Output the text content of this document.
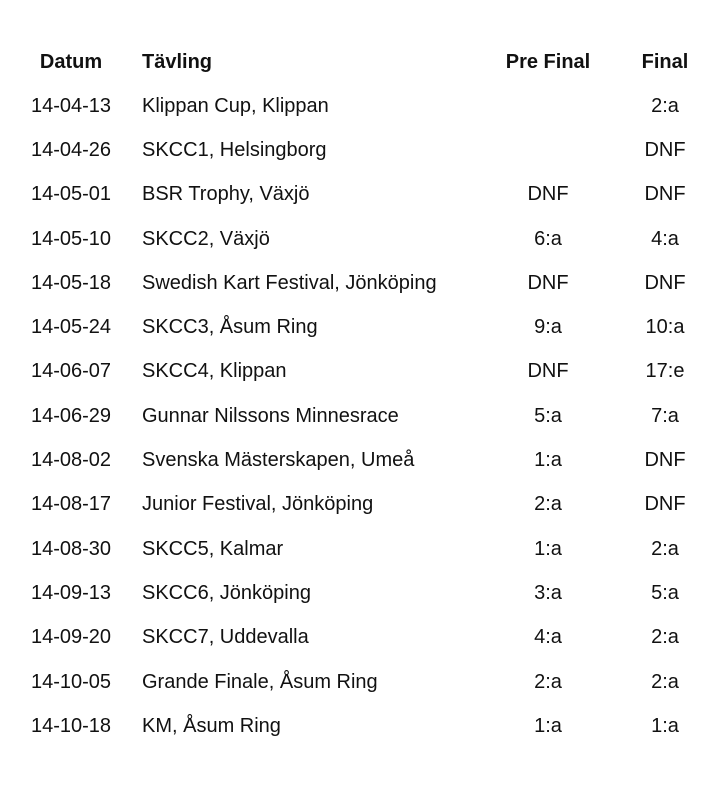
Datum	Tävling	Pre Final	Final
14-04-13	Klippan Cup, Klippan		2:a
14-04-26	SKCC1, Helsingborg		DNF
14-05-01	BSR Trophy, Växjö	DNF	DNF
14-05-10	SKCC2, Växjö	6:a	4:a
14-05-18	Swedish Kart Festival, Jönköping	DNF	DNF
14-05-24	SKCC3, Åsum Ring	9:a	10:a
14-06-07	SKCC4, Klippan	DNF	17:e
14-06-29	Gunnar Nilssons Minnesrace	5:a	7:a
14-08-02	Svenska Mästerskapen, Umeå	1:a	DNF
14-08-17	Junior Festival, Jönköping	2:a	DNF
14-08-30	SKCC5, Kalmar	1:a	2:a
14-09-13	SKCC6, Jönköping	3:a	5:a
14-09-20	SKCC7, Uddevalla	4:a	2:a
14-10-05	Grande Finale, Åsum Ring	2:a	2:a
14-10-18	KM, Åsum Ring	1:a	1:a
